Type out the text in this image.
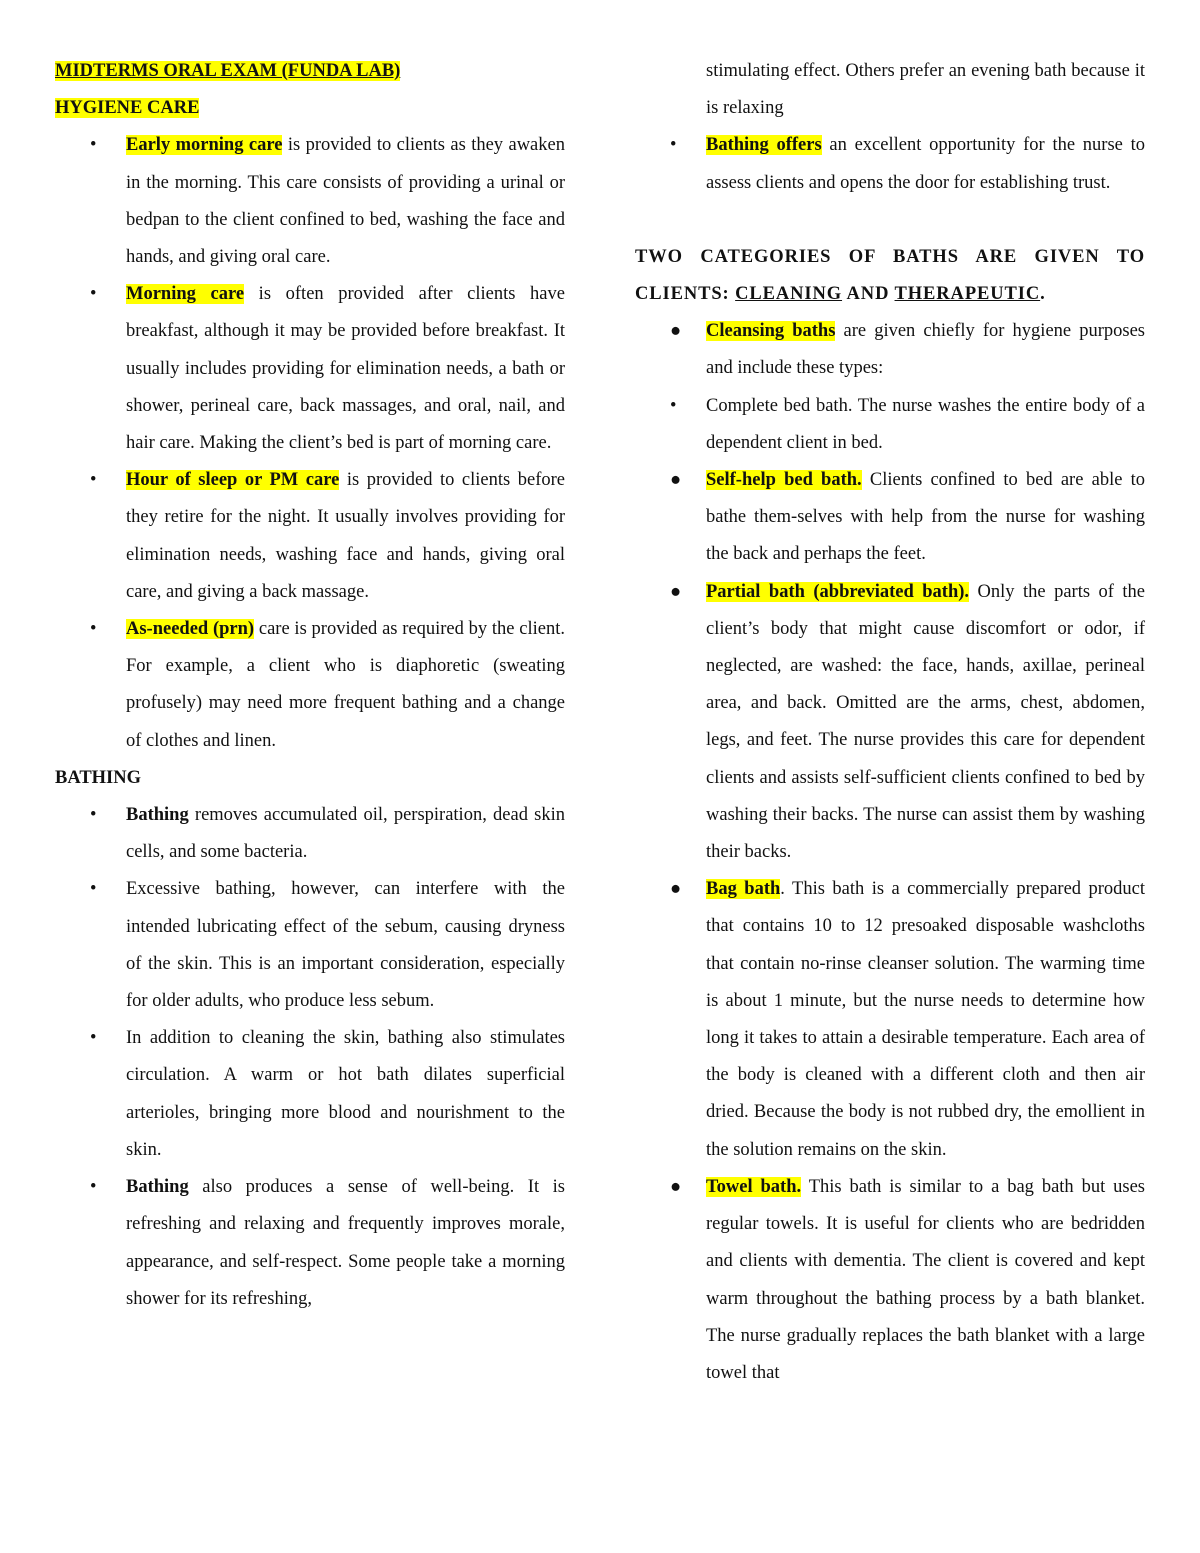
MIDTERMS ORAL EXAM (FUNDA LAB)

HYGIENE CARE

• Early morning care is provided to clients as they awaken in the morning. This care consists of providing a urinal or bedpan to the client confined to bed, washing the face and hands, and giving oral care.
• Morning care is often provided after clients have breakfast, although it may be provided before breakfast. It usually includes providing for elimination needs, a bath or shower, perineal care, back massages, and oral, nail, and hair care. Making the client’s bed is part of morning care.
• Hour of sleep or PM care is provided to clients before they retire for the night. It usually involves providing for elimination needs, washing face and hands, giving oral care, and giving a back massage.
• As-needed (prn) care is provided as required by the client. For example, a client who is diaphoretic (sweating profusely) may need more frequent bathing and a change of clothes and linen.

BATHING

• Bathing removes accumulated oil, perspiration, dead skin cells, and some bacteria.
• Excessive bathing, however, can interfere with the intended lubricating effect of the sebum, causing dryness of the skin. This is an important consideration, especially for older adults, who produce less sebum.
• In addition to cleaning the skin, bathing also stimulates circulation. A warm or hot bath dilates superficial arterioles, bringing more blood and nourishment to the skin.
• Bathing also produces a sense of well-being. It is refreshing and relaxing and frequently improves morale, appearance, and self-respect. Some people take a morning shower for its refreshing,

stimulating effect. Others prefer an evening bath because it is relaxing

• Bathing offers an excellent opportunity for the nurse to assess clients and opens the door for establishing trust.

TWO CATEGORIES OF BATHS ARE GIVEN TO CLIENTS: CLEANING AND THERAPEUTIC.

● Cleansing baths are given chiefly for hygiene purposes and include these types:
• Complete bed bath. The nurse washes the entire body of a dependent client in bed.
● Self-help bed bath. Clients confined to bed are able to bathe them-selves with help from the nurse for washing the back and perhaps the feet.
● Partial bath (abbreviated bath). Only the parts of the client’s body that might cause discomfort or odor, if neglected, are washed: the face, hands, axillae, perineal area, and back. Omitted are the arms, chest, abdomen, legs, and feet. The nurse provides this care for dependent clients and assists self-sufficient clients confined to bed by washing their backs. The nurse can assist them by washing their backs.
● Bag bath. This bath is a commercially prepared product that contains 10 to 12 presoaked disposable washcloths that contain no-rinse cleanser solution. The warming time is about 1 minute, but the nurse needs to determine how long it takes to attain a desirable temperature. Each area of the body is cleaned with a different cloth and then air dried. Because the body is not rubbed dry, the emollient in the solution remains on the skin.
● Towel bath. This bath is similar to a bag bath but uses regular towels. It is useful for clients who are bedridden and clients with dementia. The client is covered and kept warm throughout the bathing process by a bath blanket. The nurse gradually replaces the bath blanket with a large towel that
